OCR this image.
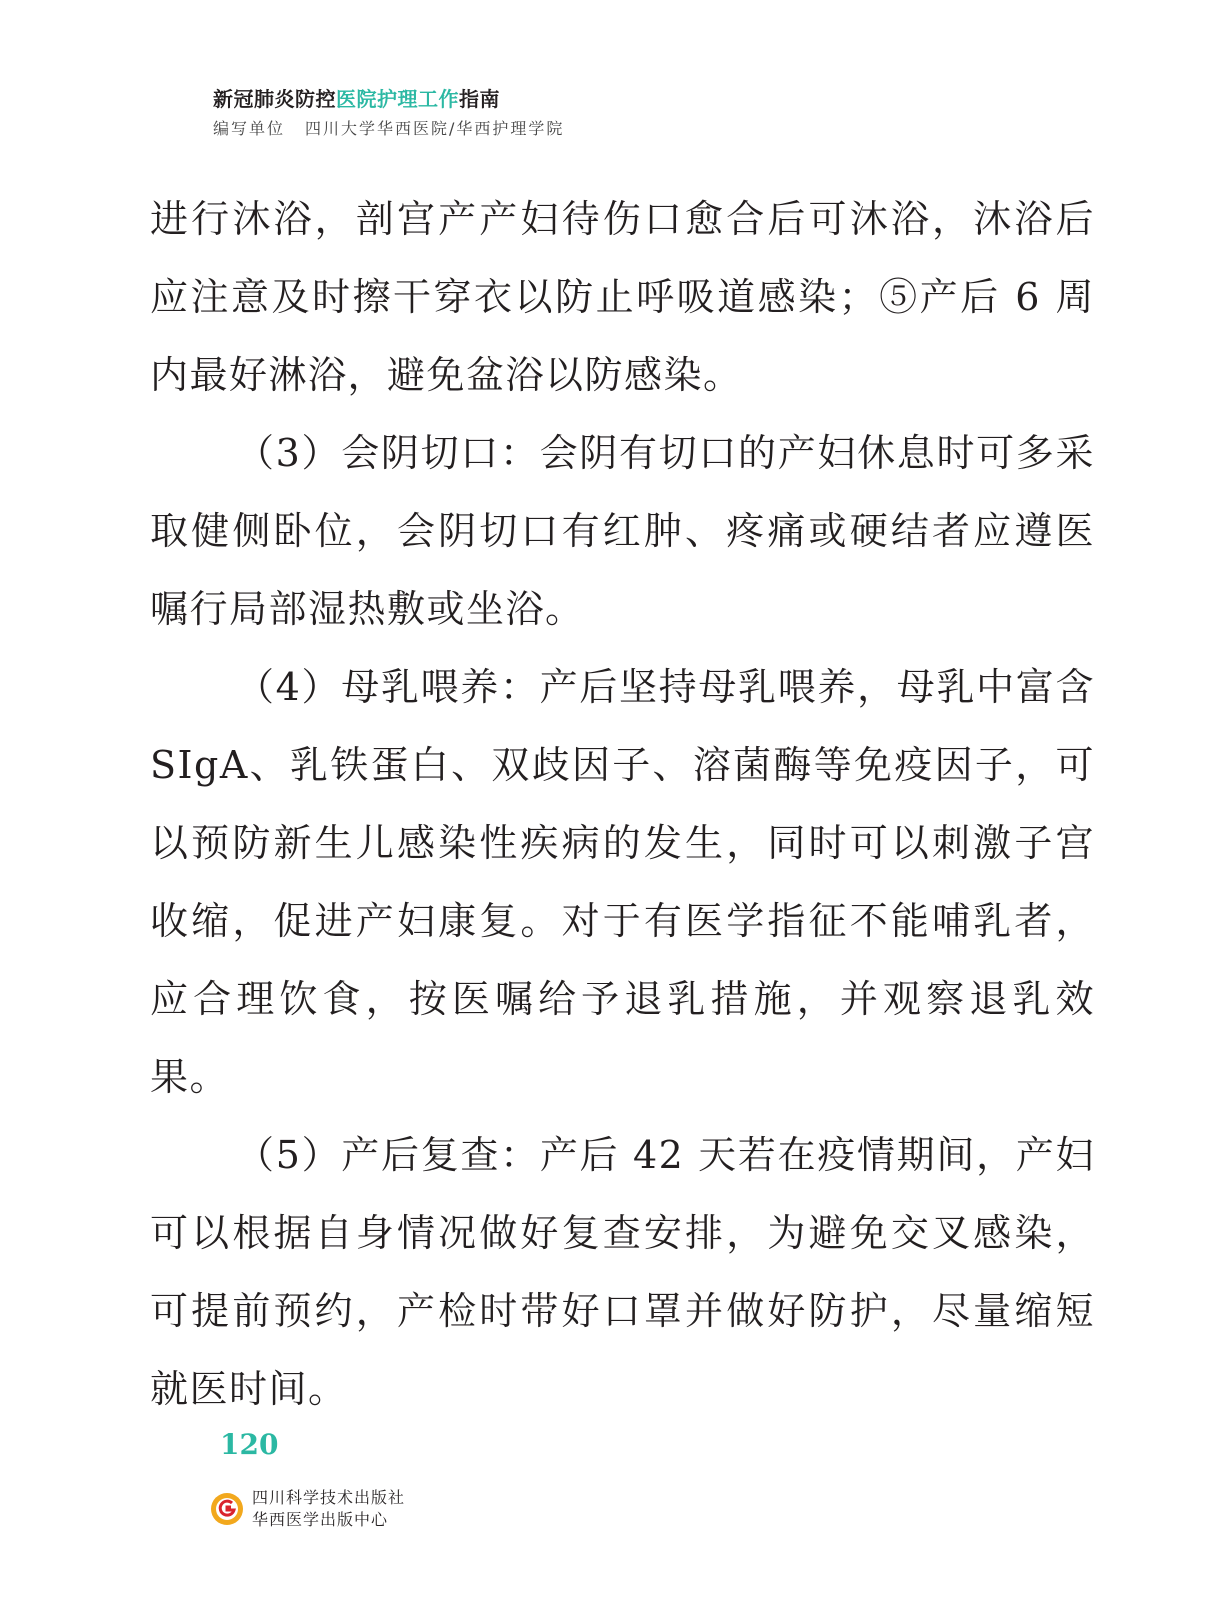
新冠肺炎防控医院护理工作指南
编写单位 四川大学华西医院/华西护理学院

进行沐浴，剖宫产产妇待伤口愈合后可沐浴，沐浴后应注意及时擦干穿衣以防止呼吸道感染；⑤产后 6 周内最好淋浴，避免盆浴以防感染。

（3）会阴切口：会阴有切口的产妇休息时可多采取健侧卧位，会阴切口有红肿、疼痛或硬结者应遵医嘱行局部湿热敷或坐浴。

（4）母乳喂养：产后坚持母乳喂养，母乳中富含 SIgA、乳铁蛋白、双歧因子、溶菌酶等免疫因子，可以预防新生儿感染性疾病的发生，同时可以刺激子宫收缩，促进产妇康复。对于有医学指征不能哺乳者，应合理饮食，按医嘱给予退乳措施，并观察退乳效果。

（5）产后复查：产后 42 天若在疫情期间，产妇可以根据自身情况做好复查安排，为避免交叉感染，可提前预约，产检时带好口罩并做好防护，尽量缩短就医时间。

120
四川科学技术出版社
华西医学出版中心
